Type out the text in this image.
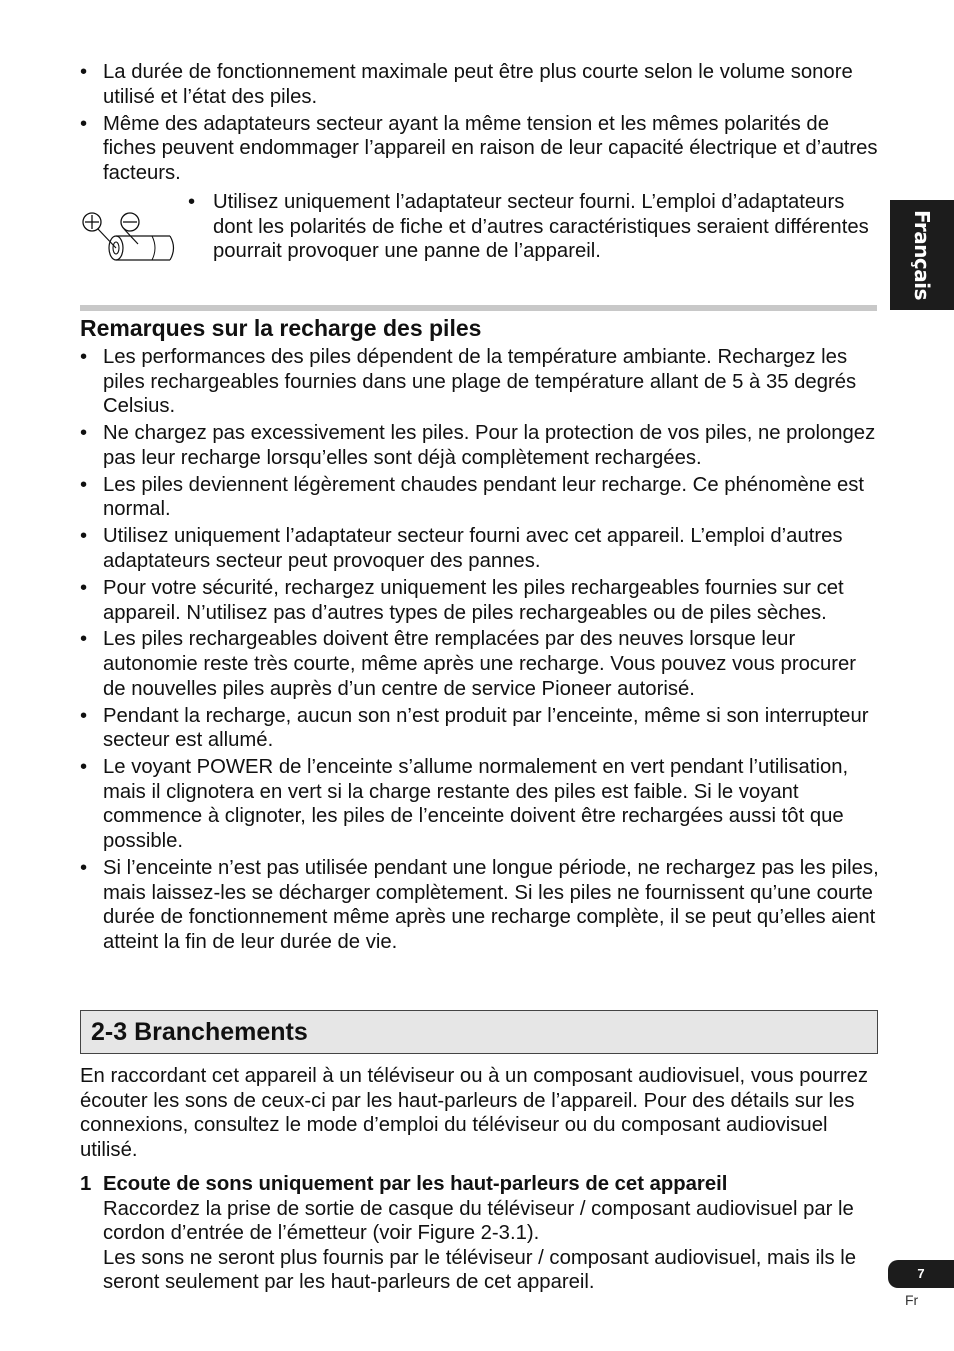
• La durée de fonctionnement maximale peut être plus courte selon le volume sonore utilisé et l’état des piles.
• Même des adaptateurs secteur ayant la même tension et les mêmes polarités de fiches peuvent endommager l’appareil en raison de leur capacité électrique et d’autres facteurs.
• Utilisez uniquement l’adaptateur secteur fourni. L’emploi d’adaptateurs dont les polarités de fiche et d’autres caractéristiques seraient différentes pourrait provoquer une panne de l’appareil.
Remarques sur la recharge des piles
• Les performances des piles dépendent de la température ambiante. Rechargez les piles rechargeables fournies dans une plage de température allant de 5 à 35 degrés Celsius.
• Ne chargez pas excessivement les piles. Pour la protection de vos piles, ne prolongez pas leur recharge lorsqu’elles sont déjà complètement rechargées.
• Les piles deviennent légèrement chaudes pendant leur recharge. Ce phénomène est normal.
• Utilisez uniquement l’adaptateur secteur fourni avec cet appareil. L’emploi d’autres adaptateurs secteur peut provoquer des pannes.
• Pour votre sécurité, rechargez uniquement les piles rechargeables fournies sur cet appareil. N’utilisez pas d’autres types de piles rechargeables ou de piles sèches.
• Les piles rechargeables doivent être remplacées par des neuves lorsque leur autonomie reste très courte, même après une recharge. Vous pouvez vous procurer de nouvelles piles auprès d’un centre de service Pioneer autorisé.
• Pendant la recharge, aucun son n’est produit par l’enceinte, même si son interrupteur secteur est allumé.
• Le voyant POWER de l’enceinte s’allume normalement en vert pendant l’utilisation, mais il clignotera en vert si la charge restante des piles est faible. Si le voyant commence à clignoter, les piles de l’enceinte doivent être rechargées aussi tôt que possible.
• Si l’enceinte n’est pas utilisée pendant une longue période, ne rechargez pas les piles, mais laissez-les se décharger complètement. Si les piles ne fournissent qu’une courte durée de fonctionnement même après une recharge complète, il se peut qu’elles aient atteint la fin de leur durée de vie.
2-3 Branchements

En raccordant cet appareil à un téléviseur ou à un composant audiovisuel, vous pourrez écouter les sons de ceux-ci par les haut-parleurs de l’appareil. Pour des détails sur les connexions, consultez le mode d’emploi du téléviseur ou du composant audiovisuel utilisé.

1 Ecoute de sons uniquement par les haut-parleurs de cet appareil

Raccordez la prise de sortie de casque du téléviseur / composant audiovisuel par le cordon d’entrée de l’émetteur (voir Figure 2-3.1).

Les sons ne seront plus fournis par le téléviseur / composant audiovisuel, mais ils le seront seulement par les haut-parleurs de cet appareil.

Français
7
Fr
